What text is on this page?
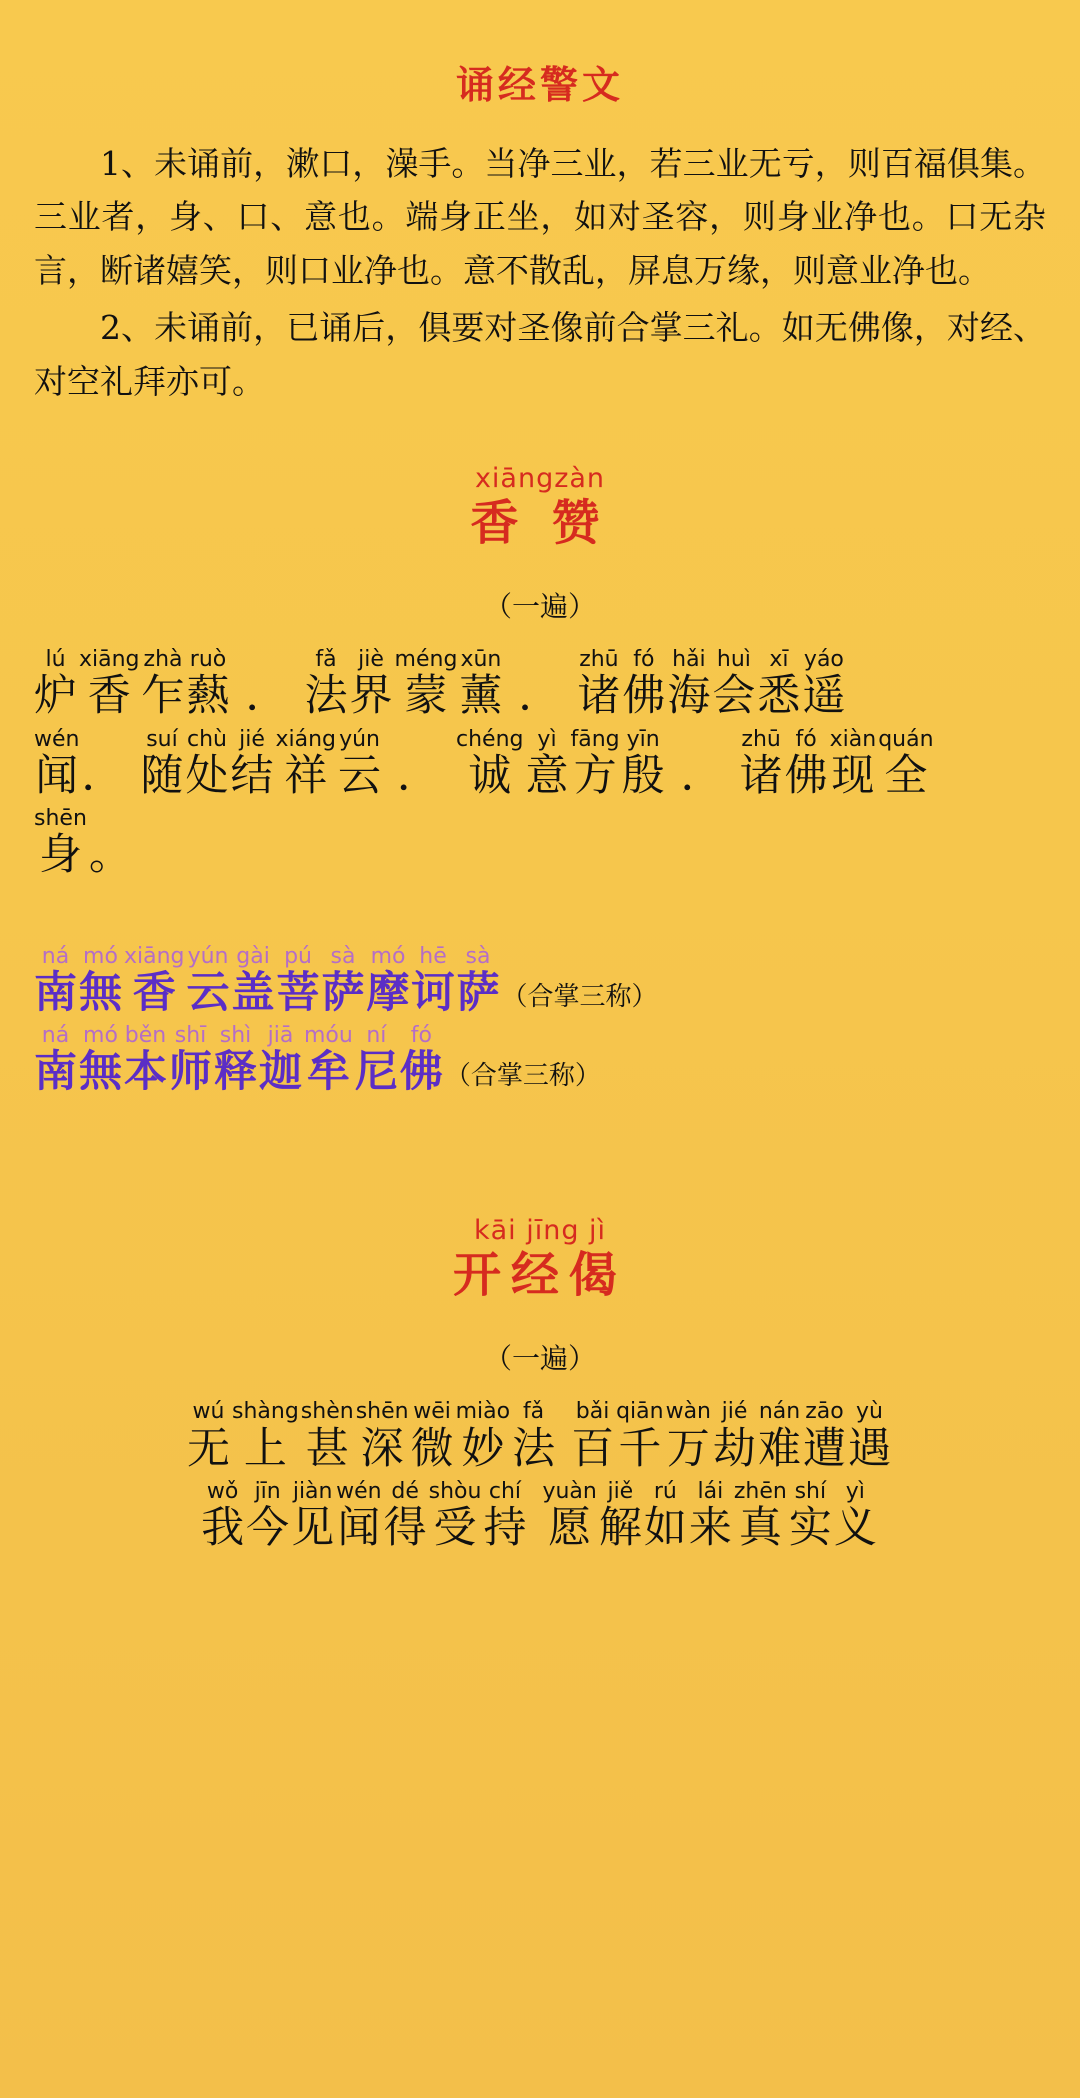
诵经警文

1、未诵前，漱口，澡手。当净三业，若三业无亏，则百福俱集。三业者，身、口、意也。端身正坐，如对圣容，则身业净也。口无杂言，断诸嬉笑，则口业净也。意不散乱，屏息万缘，则意业净也。

2、未诵前，已诵后，俱要对圣像前合掌三礼。如无佛像，对经、对空礼拜亦可。

xiāngzàn
香 赞
（一遍）
lú
炉
xiāng
香
zhà
乍
ruò
爇 ．
fǎ
法
jiè
界
méng
蒙
xūn
薰 ．
zhū
诸
fó
佛
hǎi
海
huì
会
xī
悉
yáo
遥
wén
闻 ．
suí
随
chù
处
jié
结
xiáng
祥
yún
云 ．
chéng
诚
yì
意
fāng
方
yīn
殷 ．
zhū
诸
fó
佛
xiàn
现
quán
全
shēn
身 。
ná
南
mó
無
xiāng
香
yún
云
gài
盖
pú
菩
sà
萨
mó
摩
hē
诃
sà
萨 （合掌三称）
ná
南
mó
無
běn
本
shī
师
shì
释
jiā
迦
móu
牟
ní
尼
fó
佛 （合掌三称）
kāi jīng jì
开经偈
（一遍）
wú
无
shàng
上
shèn
甚
shēn
深
wēi
微
miào
妙
fǎ
法
bǎi
百
qiān
千
wàn
万
jié
劫
nán
难
zāo
遭
yù
遇
wǒ
我
jīn
今
jiàn
见
wén
闻
dé
得
shòu
受
chí
持
yuàn
愿
jiě
解
rú
如
lái
来
zhēn
真
shí
实
yì
义
